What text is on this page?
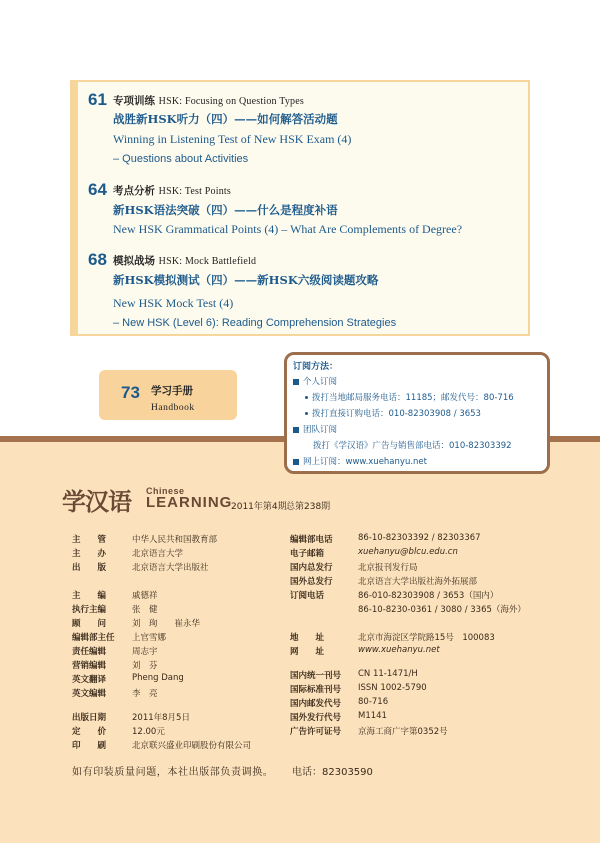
61 专项训练 HSK: Focusing on Question Types
战胜新HSK听力（四）——如何解答活动题
Winning in Listening Test of New HSK Exam (4)
– Questions about Activities
64 考点分析 HSK: Test Points
新HSK语法突破（四）——什么是程度补语
New HSK Grammatical Points (4) – What Are Complements of Degree?
68 模拟战场 HSK: Mock Battlefield
新HSK模拟测试（四）——新HSK六级阅读题攻略
New HSK Mock Test (4)
– New HSK (Level 6): Reading Comprehension Strategies
73 学习手册
Handbook
订阅方法：
个人订阅
拨打当地邮局服务电话：11185；邮发代号：80-716
拨打直接订购电话：010-82303908 / 3653
团队订阅
拨打《学汉语》广告与销售部电话：010-82303392
网上订阅：www.xuehanyu.net
学汉语 Chinese
LEARNING
2011年第4期 总第238期
主　　管	中华人民共和国教育部
主　　办	北京语言大学
出　　版	北京语言大学出版社
主　　编	戚德祥
执行主编	张　健
顾　　问	刘　珣　　崔永华
编辑部主任 上官雪娜
责任编辑	周志宇
营销编辑	刘　芬
英文翻译	Pheng Dang
英文编辑	李　亮
出版日期	2011年8月5日
定　　价	12.00元
印　　刷	北京联兴盛业印刷股份有限公司
编辑部电话	86-10-82303392 / 82303367
电子邮箱	xuehanyu@blcu.edu.cn
国内总发行	北京报刊发行局
国外总发行	北京语言大学出版社海外拓展部
订阅电话	86-010-82303908 / 3653（国内）
86-10-8230-0361 / 3080 / 3365（海外）
地　　址	北京市海淀区学院路15号　100083
网　　址	www.xuehanyu.net
国内统一刊号 CN 11-1471/H
国际标准刊号 ISSN 1002-5790
国内邮发代号 80-716
国外发行代号 M1141
广告许可证号 京海工商广字第0352号
如有印装质量问题，本社出版部负责调换。 电话：82303590
